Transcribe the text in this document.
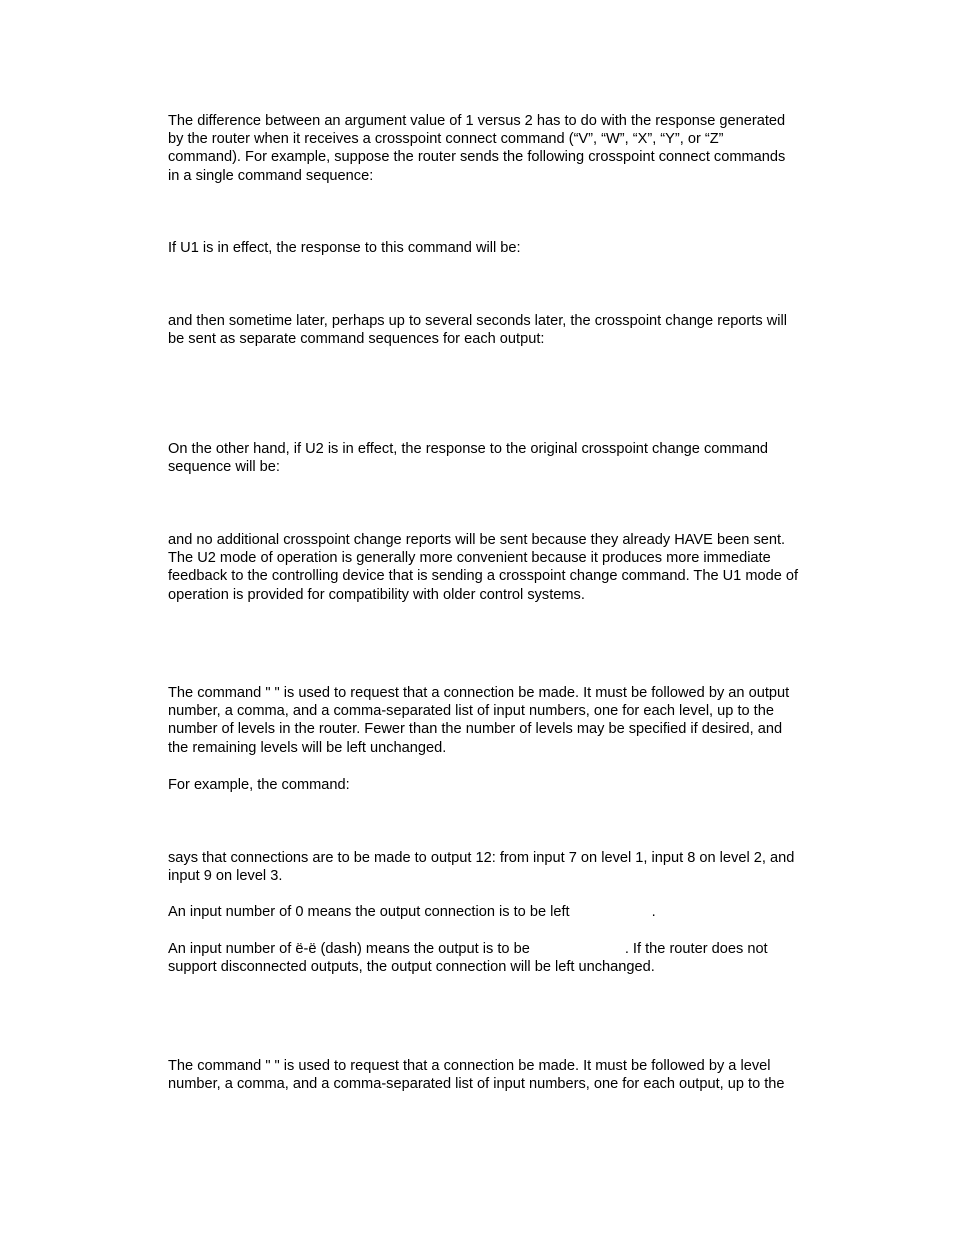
The difference between an argument value of 1 versus 2 has to do with the response generated
by the router when it receives a crosspoint connect command (“V”, “W”, “X”, “Y”, or “Z”
command). For example, suppose the router sends the following crosspoint connect commands
in a single command sequence:

If U1 is in effect, the response to this command will be:

and then sometime later, perhaps up to several seconds later, the crosspoint change reports will
be sent as separate command sequences for each output:

On the other hand, if U2 is in effect, the response to the original crosspoint change command
sequence will be:

and no additional crosspoint change reports will be sent because they already HAVE been sent.
The U2 mode of operation is generally more convenient because it produces more immediate
feedback to the controlling device that is sending a crosspoint change command. The U1 mode of
operation is provided for compatibility with older control systems.

The command " " is used to request that a connection be made. It must be followed by an output
number, a comma, and a comma-separated list of input numbers, one for each level, up to the
number of levels in the router. Fewer than the number of levels may be specified if desired, and
the remaining levels will be left unchanged.

For example, the command:

says that connections are to be made to output 12: from input 7 on level 1, input 8 on level 2, and
input 9 on level 3.

An input number of 0 means the output connection is to be left	.

An input number of ë-ë (dash) means the output is to be	. If the router does not
support disconnected outputs, the output connection will be left unchanged.

The command " " is used to request that a connection be made. It must be followed by a level
number, a comma, and a comma-separated list of input numbers, one for each output, up to the
